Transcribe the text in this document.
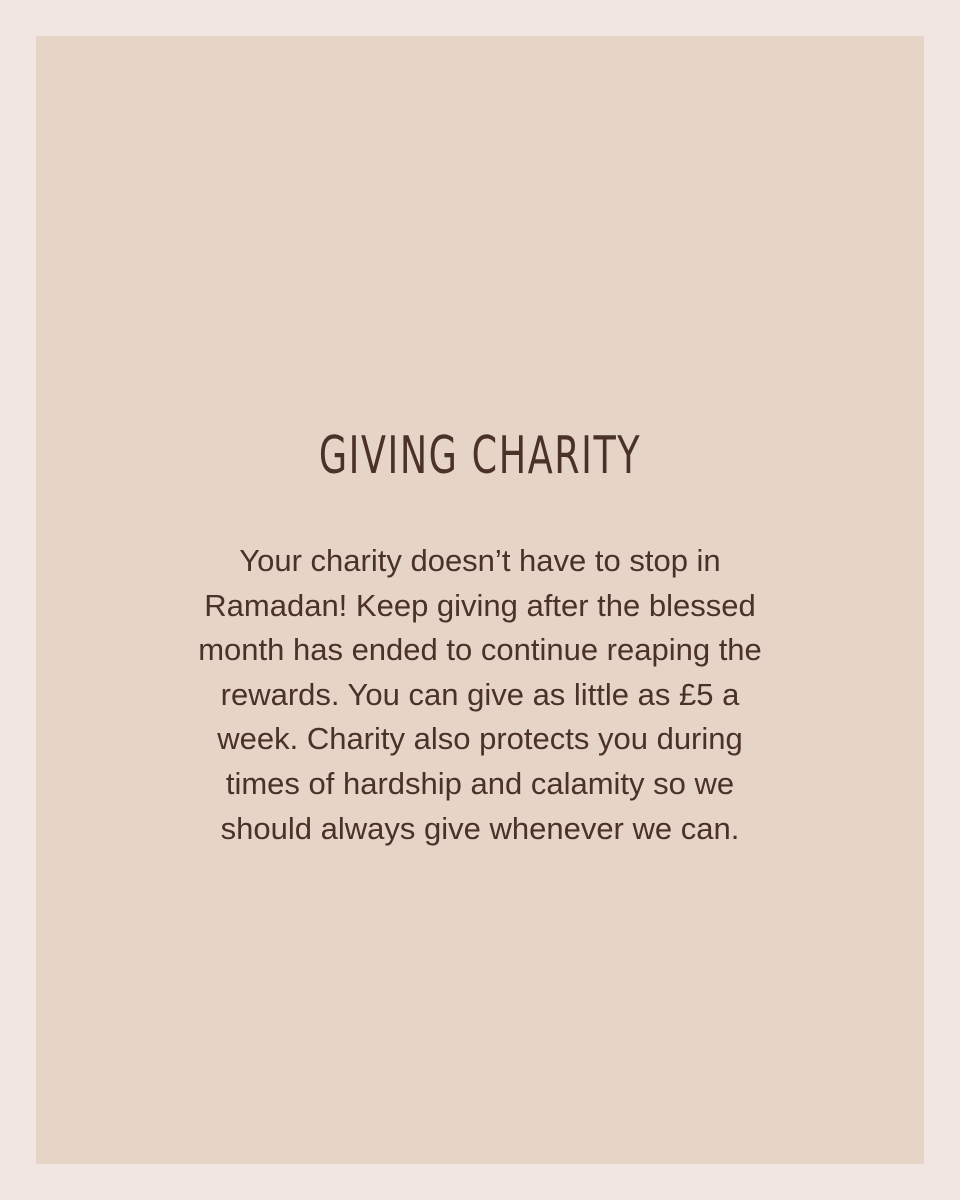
GIVING CHARITY
Your charity doesn’t have to stop in
Ramadan! Keep giving after the blessed
month has ended to continue reaping the
rewards. You can give as little as £5 a
week. Charity also protects you during
times of hardship and calamity so we
should always give whenever we can.
